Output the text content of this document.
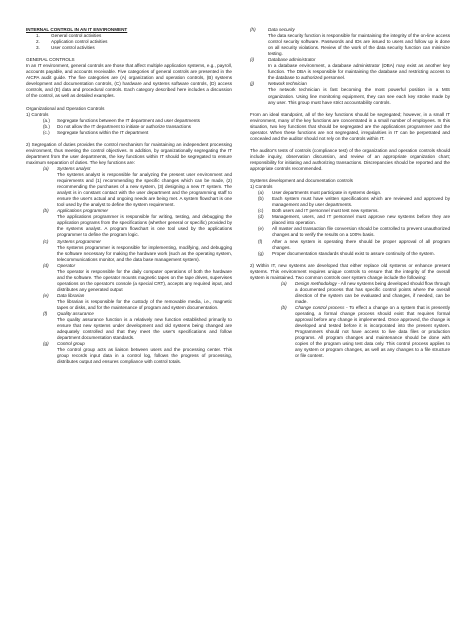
INTERNAL CONTROL IN AN IT ENVIRONMENT

1.	General control activities
2.	Application control activities
3.	User control activities

GENERAL CONTROLS

In an IT environment, general controls are those that affect multiple application systems, e.g., payroll, accounts payable, and accounts receivable. Five categories of general controls are presented in the AICPA audit guide. The five categories are (A) organization and operation controls, (B) systems development and documentation controls, (C) hardware and systems software controls, (D) access controls, and (E) data and procedural controls. Each category described here includes a discussion of the control, as well as detailed examples.

Organizational and Operation Controls

1) Controls

(a.)	Segregate functions between the IT department and user departments
(b.)	Do not allow the IT department to initiate or authorize transactions
(c.)	Segregate functions within the IT department

2) Segregation of duties provides the control mechanism for maintaining an independent processing environment, thus meeting the control objectives. In addition, by organizationally segregating the IT department from the user departments, the key functions within IT should be segregated to ensure maximum separation of duties. The key functions are:

(a)	Systems analyst

The systems analyst is responsible for analyzing the present user environment and requirements and (1) recommending the specific changes which can be made, (2) recommending the purchases of a new system, (3) designing a new IT system. The analyst is in constant contact with the user department and the programming staff to ensure the user's actual and ongoing needs are being met. A system flowchart is one tool used by the analyst to define the system requirement.

(b)	Applications programmer

The applications programmer is responsible for writing, testing, and debugging the application programs from the specifications (whether general or specific) provided by the systems analyst. A program flowchart is one tool used by the applications programmer to define the program logic.

(c)	Systems programmer

The systems programmer is responsible for implementing, modifying, and debugging the software necessary for making the hardware work (such as the operating system, telecommunications monitor, and the data base management system).

(d)	Operator

The operator is responsible for the daily computer operations of both the hardware and the software. The operator mounts magnetic tapes on the tape drives, supervises operations on the operator's console (a special CRT), accepts any required input, and distributes any generated output

(e)	Data librarian

The librarian is responsible for the custody of the removable media, i.e., magnetic tapes or disks, and for the maintenance of program and system documentation.

(f)	Quality assurance

The quality assurance function is a relatively new function established primarily to ensure that new systems under development and old systems being changed are adequately controlled and that they meet the user's specifications and follow department documentation standards.

(g)	Control group

The control group acts as liaison between users and the processing center. This group records input data in a control log, follows the progress of processing, distributes output and ensures compliance with control totals.

(h)	Data security

The data security function is responsible for maintaining the integrity of the on-line access control security software. Passwords and IDs are issued to users and follow up is done on all security violations. Review of the work of the data security function can minimize testing.

(i)	Database administrator

In a database environment, a database administrator (DBA) may exist as another key function. The DBA is responsible for maintaining the database and restricting access to the database to authorized personnel.

(j)	Network technician

The network technician is fast becoming the most powerful position in a MIS organization. Using line monitoring equipment, they can see each key stroke made by any user. This group must have strict accountability controls.

From an ideal standpoint, all of the key functions should be segregated; however, in a small IT environment, many of the key functions are concentrated in a small number of employees. In this situation, two key functions that should be segregated are the applications programmer and the operator. When these functions are not segregated, irregularities in IT can be perpetrated and concealed and the auditor should not rely on the controls within IT.

The auditor's tests of controls (compliance test) of the organization and operation controls should include inquiry, observation discussion, and review of an appropriate organization chart; responsibility for initiating and authorizing transactions. Discrepancies should be reported and the appropriate controls recommended.

Systems development and documentation controls

1) Controls

(a)	User departments must participate in systems design.
(b)	Each system must have written specifications which are reviewed and approved by management and by user departments.
(c)	Both users and IT personnel must test new systems.
(d)	Management, users, and IT personnel must approve new systems before they are placed into operation.
(e)	All master and transaction file conversion should be controlled to prevent unauthorized changes and to verify the results on a 100% basis.
(f)	After a new system is operating there should be proper approval of all program changes.
(g)	Proper documentation standards should exist to assure continuity of the system.

2) Within IT, new systems are developed that either replace old systems or enhance present systems. This environment requires unique controls to ensure that the integrity of the overall system is maintained. Two common controls over system change include the following:

(a)	Design methodology - All new systems being developed should flow through a documented process that has specific control points where the overall direction of the system can be evaluated and changes, if needed, can be made.
(b)	Change control process - To effect a change on a system that is presently operating, a formal change process should exist that requires formal approval before any change is implemented. Once approved, the change is developed and tested before it is incorporated into the present system. Programmers should not have access to live data files or production programs. All program changes and maintenance should be done with copies of the program using test data only. This control process applies to any system or program changes, as well as any changes to a file structure or file content.
